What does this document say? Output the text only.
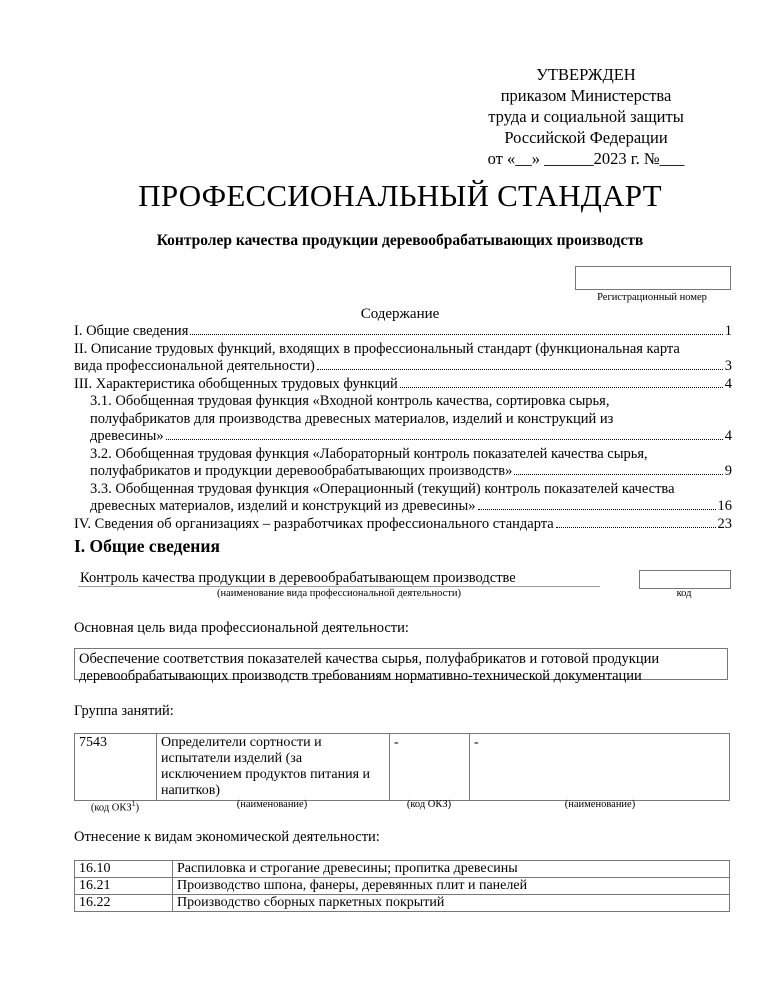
УТВЕРЖДЕН
приказом Министерства
труда и социальной защиты
Российской Федерации
от «__» ______2023 г. №___
ПРОФЕССИОНАЛЬНЫЙ СТАНДАРТ
Контролер качества продукции деревообрабатывающих производств
Регистрационный номер
Содержание
I. Общие сведения	1
II. Описание трудовых функций, входящих в профессиональный стандарт (функциональная карта
вида профессиональной деятельности)	3
III. Характеристика обобщенных трудовых функций	4
3.1. Обобщенная трудовая функция «Входной контроль качества, сортировка сырья,
полуфабрикатов для производства древесных материалов, изделий и конструкций из
древесины»	4
3.2. Обобщенная трудовая функция «Лабораторный контроль показателей качества сырья,
полуфабрикатов и продукции деревообрабатывающих производств»	9
3.3. Обобщенная трудовая функция «Операционный (текущий) контроль показателей качества
древесных материалов, изделий и конструкций из древесины»	16
IV. Сведения об организациях – разработчиках профессионального стандарта	23
I. Общие сведения
Контроль качества продукции в деревообрабатывающем производстве
(наименование вида профессиональной деятельности)	код
Основная цель вида профессиональной деятельности:
Обеспечение соответствия показателей качества сырья, полуфабрикатов и готовой продукции
деревообрабатывающих производств требованиям нормативно-технической документации
Группа занятий:
7543	Определители сортности и испытатели изделий (за исключением продуктов питания и напитков)	-	-
(код ОКЗ$^1$)	(наименование)	(код ОКЗ)	(наименование)
Отнесение к видам экономической деятельности:
16.10	Распиловка и строгание древесины; пропитка древесины
16.21	Производство шпона, фанеры, деревянных плит и панелей
16.22	Производство сборных паркетных покрытий
